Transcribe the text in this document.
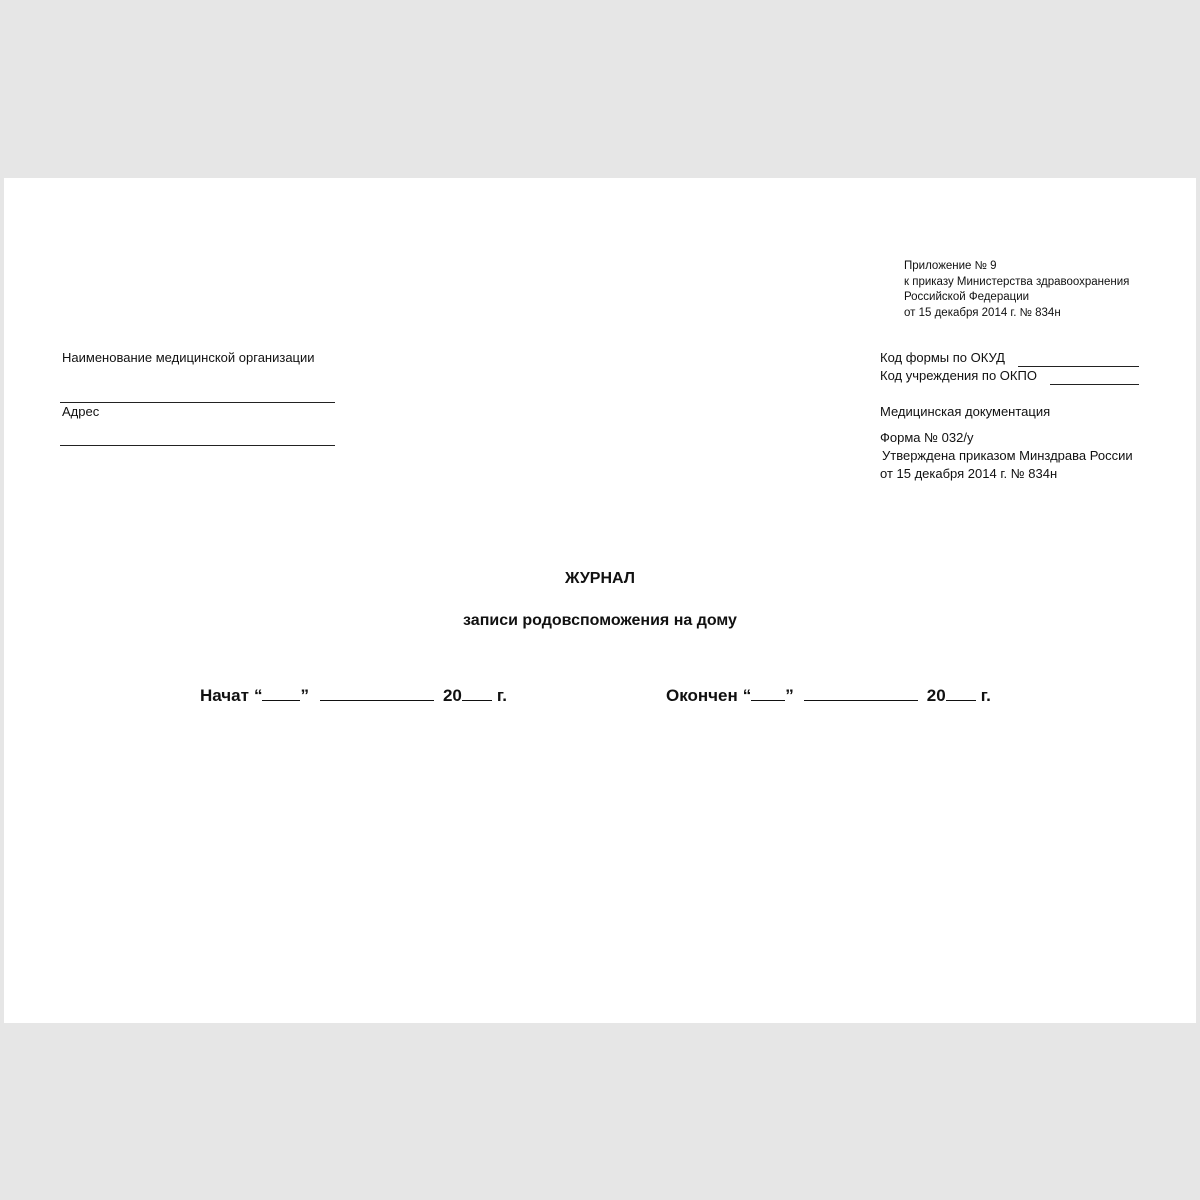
Приложение № 9
к приказу Министерства здравоохранения
Российской Федерации
от 15 декабря 2014 г. № 834н
Наименование медицинской организации
Адрес
Код формы по ОКУД
Код учреждения по ОКПО
Медицинская документация
Форма № 032/у
Утверждена приказом Минздрава России
от 15 декабря 2014 г. № 834н
ЖУРНАЛ
записи родовспоможения на дому
Начат “ ”	20 г.	Окончен “ ”	20 г.
